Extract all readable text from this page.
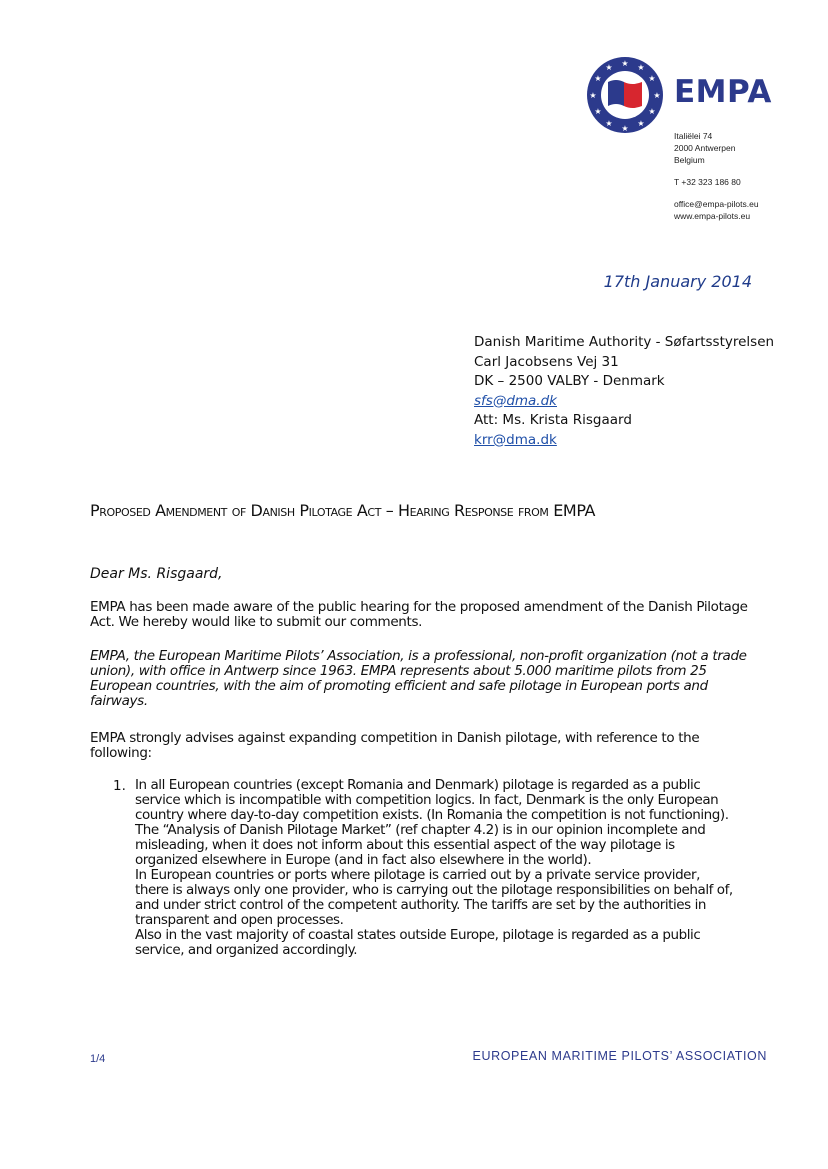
★ ★
★
★
★
★
★
★
★
★
★
★
EMPA
Italiëlei 74
2000 Antwerpen
Belgium
T +32 323 186 80
office@empa-pilots.eu
www.empa-pilots.eu
17th January 2014
Danish Maritime Authority - Søfartsstyrelsen
Carl Jacobsens Vej 31
DK – 2500 VALBY - Denmark
sfs@dma.dk
Att: Ms. Krista Risgaard
krr@dma.dk
Proposed Amendment of Danish Pilotage Act – Hearing Response from EMPA
Dear Ms. Risgaard,
EMPA has been made aware of the public hearing for the proposed amendment of the Danish Pilotage Act. We hereby would like to submit our comments.
EMPA, the European Maritime Pilots’ Association, is a professional, non-profit organization (not a trade union), with office in Antwerp since 1963. EMPA represents about 5.000 maritime pilots from 25 European countries, with the aim of promoting efficient and safe pilotage in European ports and fairways.
EMPA strongly advises against expanding competition in Danish pilotage, with reference to the following:
1. In all European countries (except Romania and Denmark) pilotage is regarded as a public service which is incompatible with competition logics. In fact, Denmark is the only European country where day-to-day competition exists. (In Romania the competition is not functioning). The “Analysis of Danish Pilotage Market” (ref chapter 4.2) is in our opinion incomplete and misleading, when it does not inform about this essential aspect of the way pilotage is organized elsewhere in Europe (and in fact also elsewhere in the world).

In European countries or ports where pilotage is carried out by a private service provider, there is always only one provider, who is carrying out the pilotage responsibilities on behalf of, and under strict control of the competent authority. The tariffs are set by the authorities in transparent and open processes.

Also in the vast majority of coastal states outside Europe, pilotage is regarded as a public service, and organized accordingly.

1/4	EUROPEAN MARITIME PILOTS’ ASSOCIATION
